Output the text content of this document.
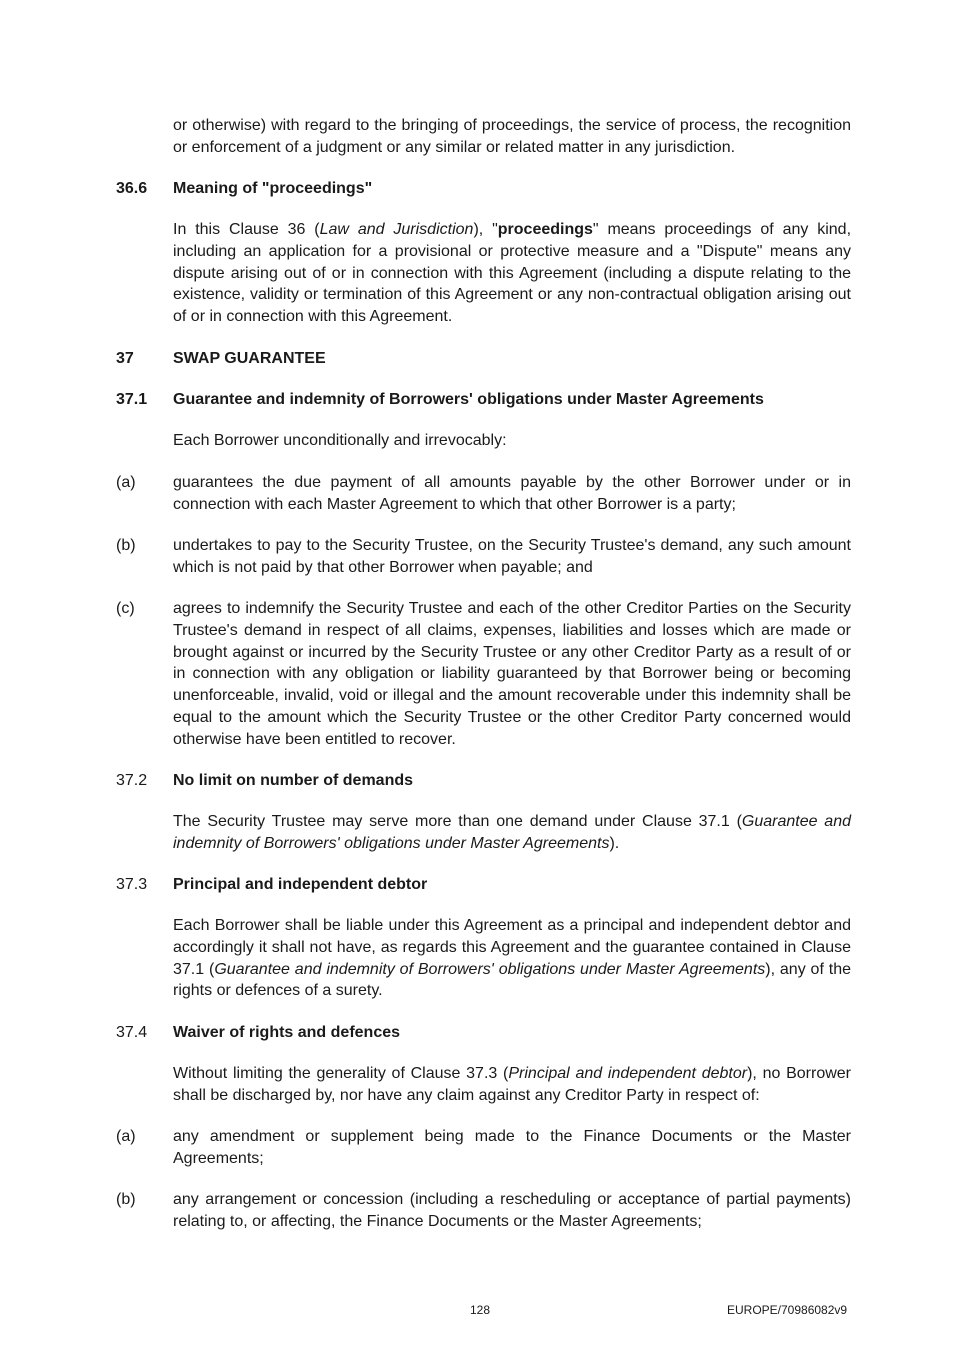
or otherwise) with regard to the bringing of proceedings, the service of process, the recognition or enforcement of a judgment or any similar or related matter in any jurisdiction.

36.6 Meaning of "proceedings"

In this Clause 36 (Law and Jurisdiction), "proceedings" means proceedings of any kind, including an application for a provisional or protective measure and a "Dispute" means any dispute arising out of or in connection with this Agreement (including a dispute relating to the existence, validity or termination of this Agreement or any non-contractual obligation arising out of or in connection with this Agreement.

37 SWAP GUARANTEE

37.1 Guarantee and indemnity of Borrowers' obligations under Master Agreements

Each Borrower unconditionally and irrevocably:

(a) guarantees the due payment of all amounts payable by the other Borrower under or in connection with each Master Agreement to which that other Borrower is a party;

(b) undertakes to pay to the Security Trustee, on the Security Trustee's demand, any such amount which is not paid by that other Borrower when payable; and

(c) agrees to indemnify the Security Trustee and each of the other Creditor Parties on the Security Trustee's demand in respect of all claims, expenses, liabilities and losses which are made or brought against or incurred by the Security Trustee or any other Creditor Party as a result of or in connection with any obligation or liability guaranteed by that Borrower being or becoming unenforceable, invalid, void or illegal and the amount recoverable under this indemnity shall be equal to the amount which the Security Trustee or the other Creditor Party concerned would otherwise have been entitled to recover.

37.2 No limit on number of demands

The Security Trustee may serve more than one demand under Clause 37.1 (Guarantee and indemnity of Borrowers' obligations under Master Agreements).

37.3 Principal and independent debtor

Each Borrower shall be liable under this Agreement as a principal and independent debtor and accordingly it shall not have, as regards this Agreement and the guarantee contained in Clause 37.1 (Guarantee and indemnity of Borrowers' obligations under Master Agreements), any of the rights or defences of a surety.

37.4 Waiver of rights and defences

Without limiting the generality of Clause 37.3 (Principal and independent debtor), no Borrower shall be discharged by, nor have any claim against any Creditor Party in respect of:

(a) any amendment or supplement being made to the Finance Documents or the Master Agreements;

(b) any arrangement or concession (including a rescheduling or acceptance of partial payments) relating to, or affecting, the Finance Documents or the Master Agreements;

128	EUROPE/70986082v9
